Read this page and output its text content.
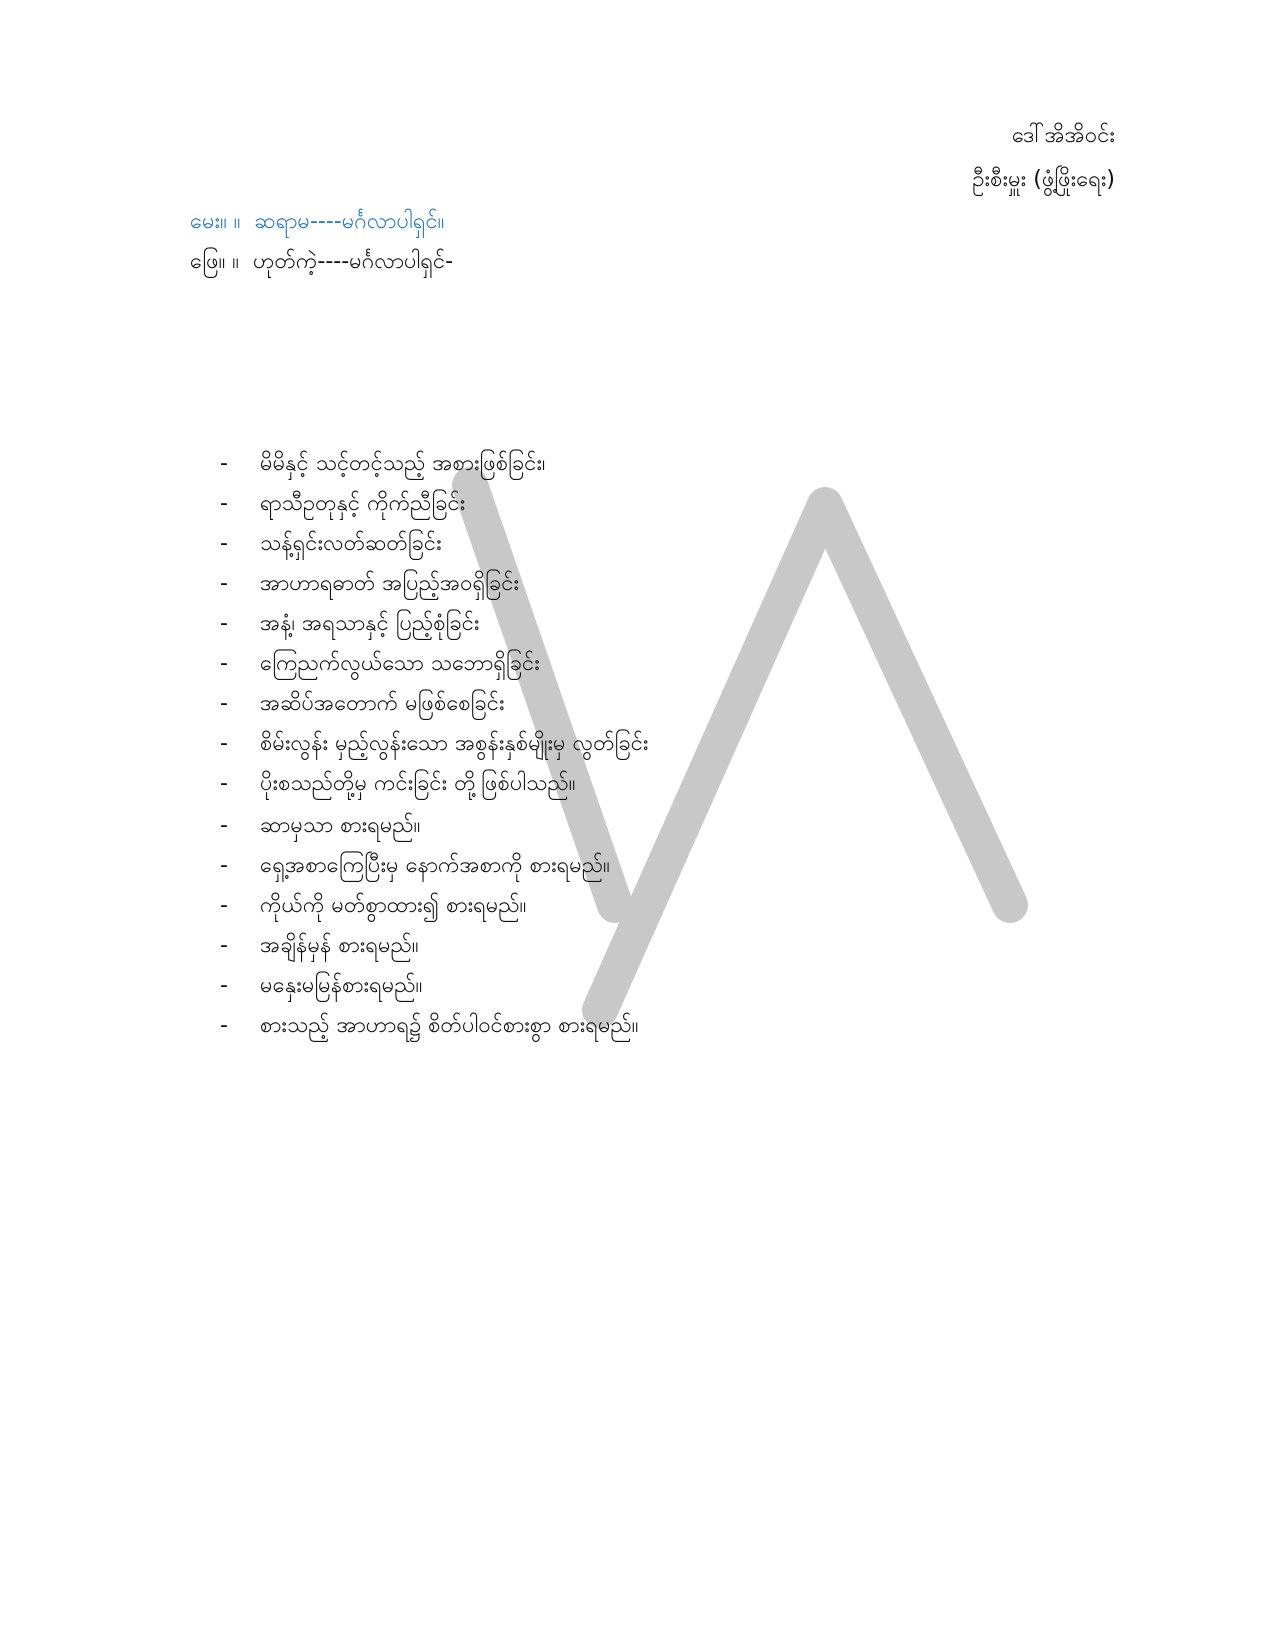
ဒေါ်အိအိဝင်း
ဦးစီးမှူး (ဖွံ့ဖြိုးရေး)

မေး။ ။ ဆရာမ----မင်္ဂလာပါရှင်။

ဖြေ။ ။ ဟုတ်ကဲ့----မင်္ဂလာပါရှင်-

- မိမိနှင့် သင့်တင့်သည့် အစားဖြစ်ခြင်း၊
- ရာသီဥတုနှင့် ကိုက်ညီခြင်း
- သန့်ရှင်းလတ်ဆတ်ခြင်း
- အာဟာရဓာတ် အပြည့်အဝရှိခြင်း
- အနံ့၊ အရသာနှင့် ပြည့်စုံခြင်း
- ကြေညက်လွယ်သော သဘောရှိခြင်း
- အဆိပ်အတောက် မဖြစ်စေခြင်း
- စိမ်းလွန်း မှည့်လွန်းသော အစွန်းနှစ်မျိုးမှ လွတ်ခြင်း
- ပိုးစသည်တို့မှ ကင်းခြင်း တို့ဖြစ်ပါသည်။
- ဆာမှသာ စားရမည်။
- ရှေ့အစာကြေပြီးမှ နောက်အစာကို စားရမည်။
- ကိုယ်ကို မတ်စွာထား၍ စားရမည်။
- အချိန်မှန် စားရမည်။
- မနှေးမမြန်စားရမည်။
- စားသည့် အာဟာရ၌ စိတ်ပါဝင်စားစွာ စားရမည်။
